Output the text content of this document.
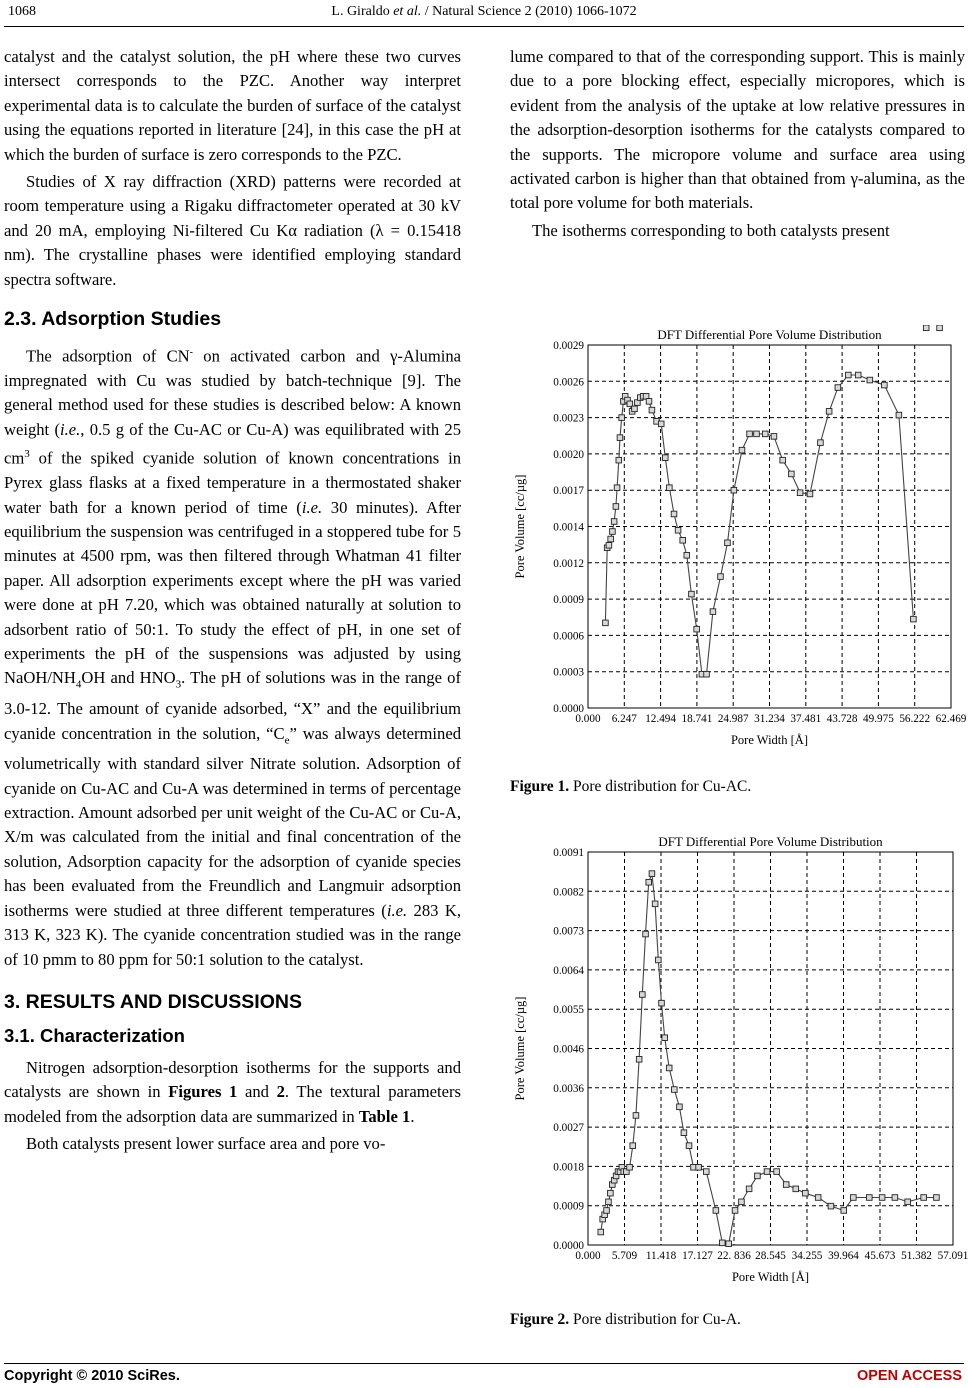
1068	L. Giraldo et al. / Natural Science 2 (2010) 1066-1072

catalyst and the catalyst solution, the pH where these two curves intersect corresponds to the PZC. Another way interpret experimental data is to calculate the burden of surface of the catalyst using the equations reported in literature [24], in this case the pH at which the burden of surface is zero corresponds to the PZC.

Studies of X ray diffraction (XRD) patterns were recorded at room temperature using a Rigaku diffractometer operated at 30 kV and 20 mA, employing Ni-filtered Cu Kα radiation (λ = 0.15418 nm). The crystalline phases were identified employing standard spectra software.

2.3. Adsorption Studies

The adsorption of CN- on activated carbon and γ-Alumina impregnated with Cu was studied by batch-technique [9]. The general method used for these studies is described below: A known weight (i.e., 0.5 g of the Cu-AC or Cu-A) was equilibrated with 25 $cm^3$ of the spiked cyanide solution of known concentrations in Pyrex glass flasks at a fixed temperature in a thermostated shaker water bath for a known period of time (i.e. 30 minutes). After equilibrium the suspension was centrifuged in a stoppered tube for 5 minutes at 4500 rpm, was then filtered through Whatman 41 filter paper. All adsorption experiments except where the pH was varied were done at pH 7.20, which was obtained naturally at solution to adsorbent ratio of 50:1. To study the effect of pH, in one set of experiments the pH of the suspensions was adjusted by using NaOH/$NH_4OH$ and $HNO_3$. The pH of solutions was in the range of 3.0-12. The amount of cyanide adsorbed, “X” and the equilibrium cyanide concentration in the solution, “$C_e$” was always determined volumetrically with standard silver Nitrate solution. Adsorption of cyanide on Cu-AC and Cu-A was determined in terms of percentage extraction. Amount adsorbed per unit weight of the Cu-AC or Cu-A, X/m was calculated from the initial and final concentration of the solution, Adsorption capacity for the adsorption of cyanide species has been evaluated from the Freundlich and Langmuir adsorption isotherms were studied at three different temperatures (i.e. 283 K, 313 K, 323 K). The cyanide concentration studied was in the range of 10 pmm to 80 ppm for 50:1 solution to the catalyst.

3. RESULTS AND DISCUSSIONS
3.1. Characterization

Nitrogen adsorption-desorption isotherms for the supports and catalysts are shown in Figures 1 and 2. The textural parameters modeled from the adsorption data are summarized in Table 1.

Both catalysts present lower surface area and pore vo-

lume compared to that of the corresponding support. This is mainly due to a pore blocking effect, especially micropores, which is evident from the analysis of the uptake at low relative pressures in the adsorption-desorption isotherms for the catalysts compared to the supports. The micropore volume and surface area using activated carbon is higher than that obtained from γ-alumina, as the total pore volume for both materials.

The isotherms corresponding to both catalysts present

DFT Differential Pore Volume Distribution
0.000 6.247 12.494 18.741 24.987 31.234 37.481 43.728 49.975 56.222 62.469
0.0000
0.0003
0.0006
0.0009
0.0012
0.0014
0.0017
0.0020
0.0023
0.0026
0.0029
Pore Width [Å]
Pore Volume [cc/µg]
Figure 1. Pore distribution for Cu-AC.
DFT Differential Pore Volume Distribution
0.000 5.709 11.418 17.127 22. 836 28.545 34.255 39.964 45.673 51.382 57.091
0.0000
0.0009
0.0018
0.0027
0.0036
0.0046
0.0055
0.0064
0.0073
0.0082
0.0091
Pore Width [Å]
Pore Volume [cc/µg]
Figure 2. Pore distribution for Cu-A.
Copyright © 2010 SciRes.	OPEN ACCESS
